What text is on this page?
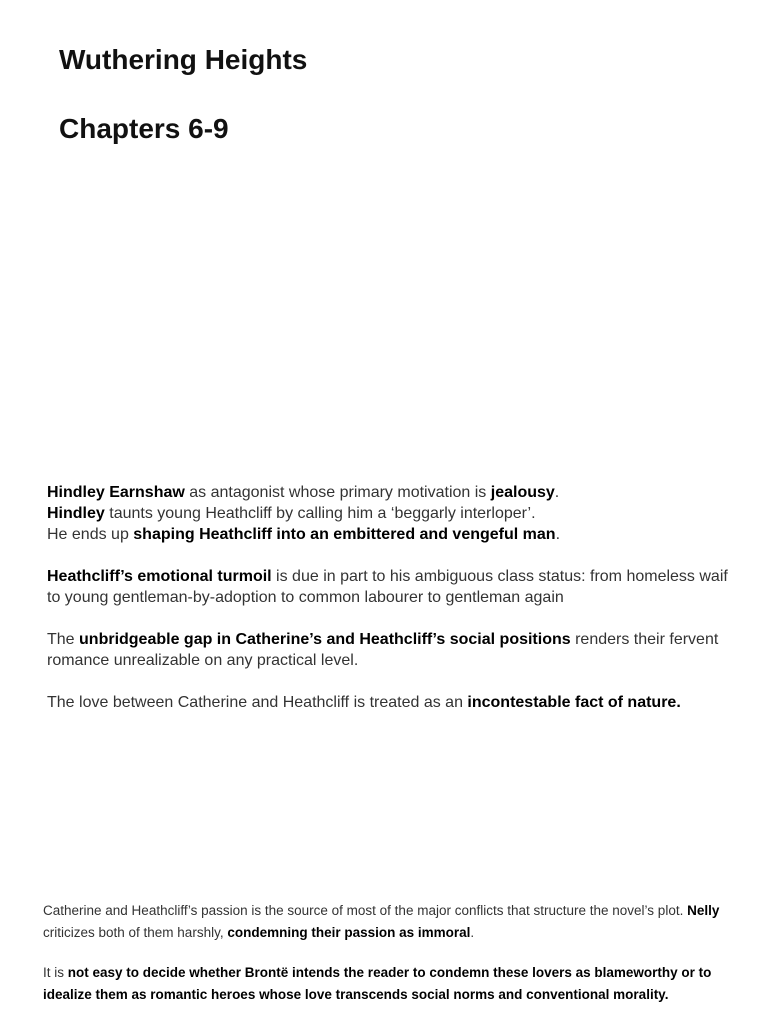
Wuthering Heights
Chapters 6-9

Hindley Earnshaw as antagonist whose primary motivation is jealousy.

Hindley taunts young Heathcliff by calling him a ‘beggarly interloper’.

He ends up shaping Heathcliff into an embittered and vengeful man.

Heathcliff’s emotional turmoil is due in part to his ambiguous class status: from homeless waif to young gentleman-by-adoption to common labourer to gentleman again

The unbridgeable gap in Catherine’s and Heathcliff’s social positions renders their fervent romance unrealizable on any practical level.

The love between Catherine and Heathcliff is treated as an incontestable fact of nature.

Catherine and Heathcliff’s passion is the source of most of the major conflicts that structure the novel’s plot. Nelly criticizes both of them harshly, condemning their passion as immoral.

It is not easy to decide whether Brontë intends the reader to condemn these lovers as blameworthy or to idealize them as romantic heroes whose love transcends social norms and conventional morality.
